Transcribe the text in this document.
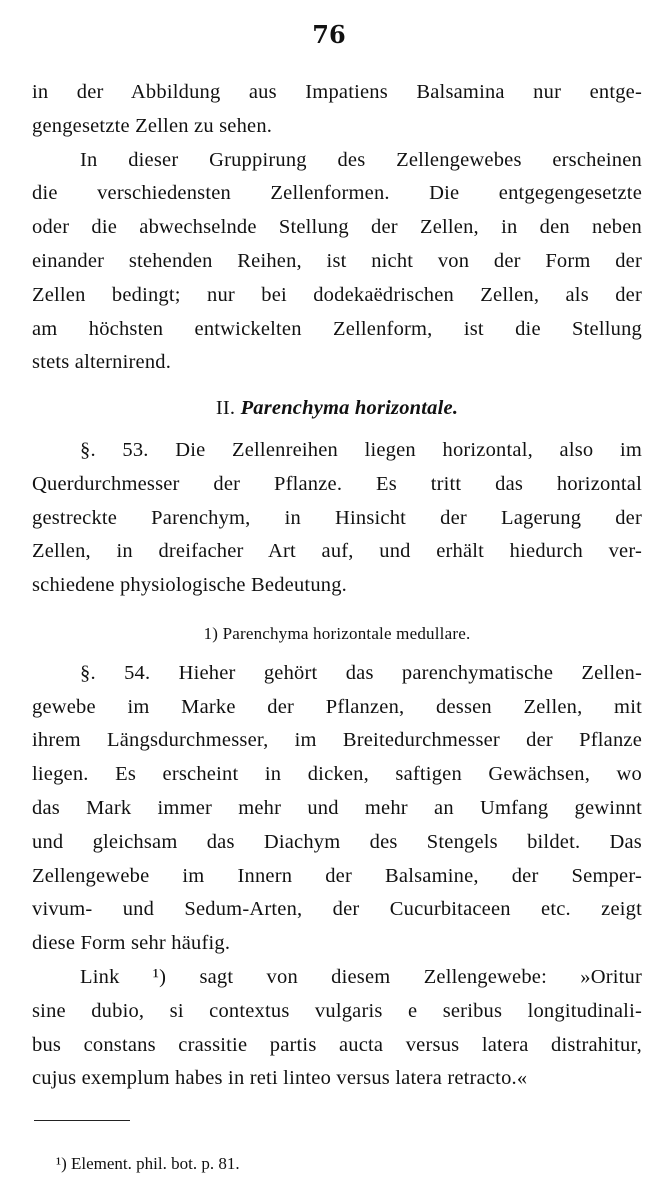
76
in der Abbildung aus Impatiens Balsamina nur entge-
gengesetzte Zellen zu sehen.
In dieser Gruppirung des Zellengewebes erscheinen
die verschiedensten Zellenformen. Die entgegengesetzte
oder die abwechselnde Stellung der Zellen, in den neben
einander stehenden Reihen, ist nicht von der Form der
Zellen bedingt; nur bei dodekaëdrischen Zellen, als der
am höchsten entwickelten Zellenform, ist die Stellung
stets alternirend.
II. Parenchyma horizontale.
§. 53. Die Zellenreihen liegen horizontal, also im
Querdurchmesser der Pflanze. Es tritt das horizontal
gestreckte Parenchym, in Hinsicht der Lagerung der
Zellen, in dreifacher Art auf, und erhält hiedurch ver-
schiedene physiologische Bedeutung.
1) Parenchyma horizontale medullare.
§. 54. Hieher gehört das parenchymatische Zellen-
gewebe im Marke der Pflanzen, dessen Zellen, mit
ihrem Längsdurchmesser, im Breitedurchmesser der Pflanze
liegen. Es erscheint in dicken, saftigen Gewächsen, wo
das Mark immer mehr und mehr an Umfang gewinnt
und gleichsam das Diachym des Stengels bildet. Das
Zellengewebe im Innern der Balsamine, der Semper-
vivum- und Sedum-Arten, der Cucurbitaceen etc. zeigt
diese Form sehr häufig.
Link ¹) sagt von diesem Zellengewebe: »Oritur
sine dubio, si contextus vulgaris e seribus longitudinali-
bus constans crassitie partis aucta versus latera distrahitur,
cujus exemplum habes in reti linteo versus latera retracto.«
¹) Element. phil. bot. p. 81.
